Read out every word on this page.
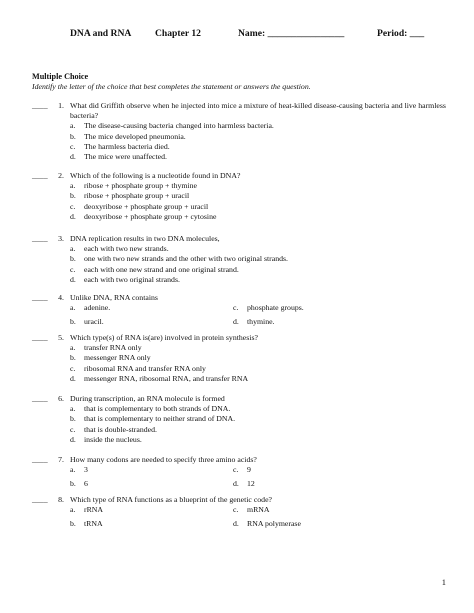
DNA and RNA Chapter 12	Name: ________________	Period: ___
Multiple Choice
Identify the letter of the choice that best completes the statement or answers the question.
____	1. What did Griffith observe when he injected into mice a mixture of heat-killed disease-causing bacteria and live harmless bacteria?
a. The disease-causing bacteria changed into harmless bacteria.
b. The mice developed pneumonia.
c. The harmless bacteria died.
d. The mice were unaffected.
____	2. Which of the following is a nucleotide found in DNA?
a. ribose + phosphate group + thymine
b. ribose + phosphate group + uracil
c. deoxyribose + phosphate group + uracil
d. deoxyribose + phosphate group + cytosine
____	3. DNA replication results in two DNA molecules,
a. each with two new strands.
b. one with two new strands and the other with two original strands.
c. each with one new strand and one original strand.
d. each with two original strands.
____	4. Unlike DNA, RNA contains
a. adenine.	c. phosphate groups.
b. uracil.	d. thymine.
____	5. Which type(s) of RNA is(are) involved in protein synthesis?
a. transfer RNA only
b. messenger RNA only
c. ribosomal RNA and transfer RNA only
d. messenger RNA, ribosomal RNA, and transfer RNA
____	6. During transcription, an RNA molecule is formed
a. that is complementary to both strands of DNA.
b. that is complementary to neither strand of DNA.
c. that is double-stranded.
d. inside the nucleus.
____	7. How many codons are needed to specify three amino acids?
a. 3	c. 9
b. 6	d. 12
____	8. Which type of RNA functions as a blueprint of the genetic code?
a. rRNA	c. mRNA
b. tRNA	d. RNA polymerase
1
